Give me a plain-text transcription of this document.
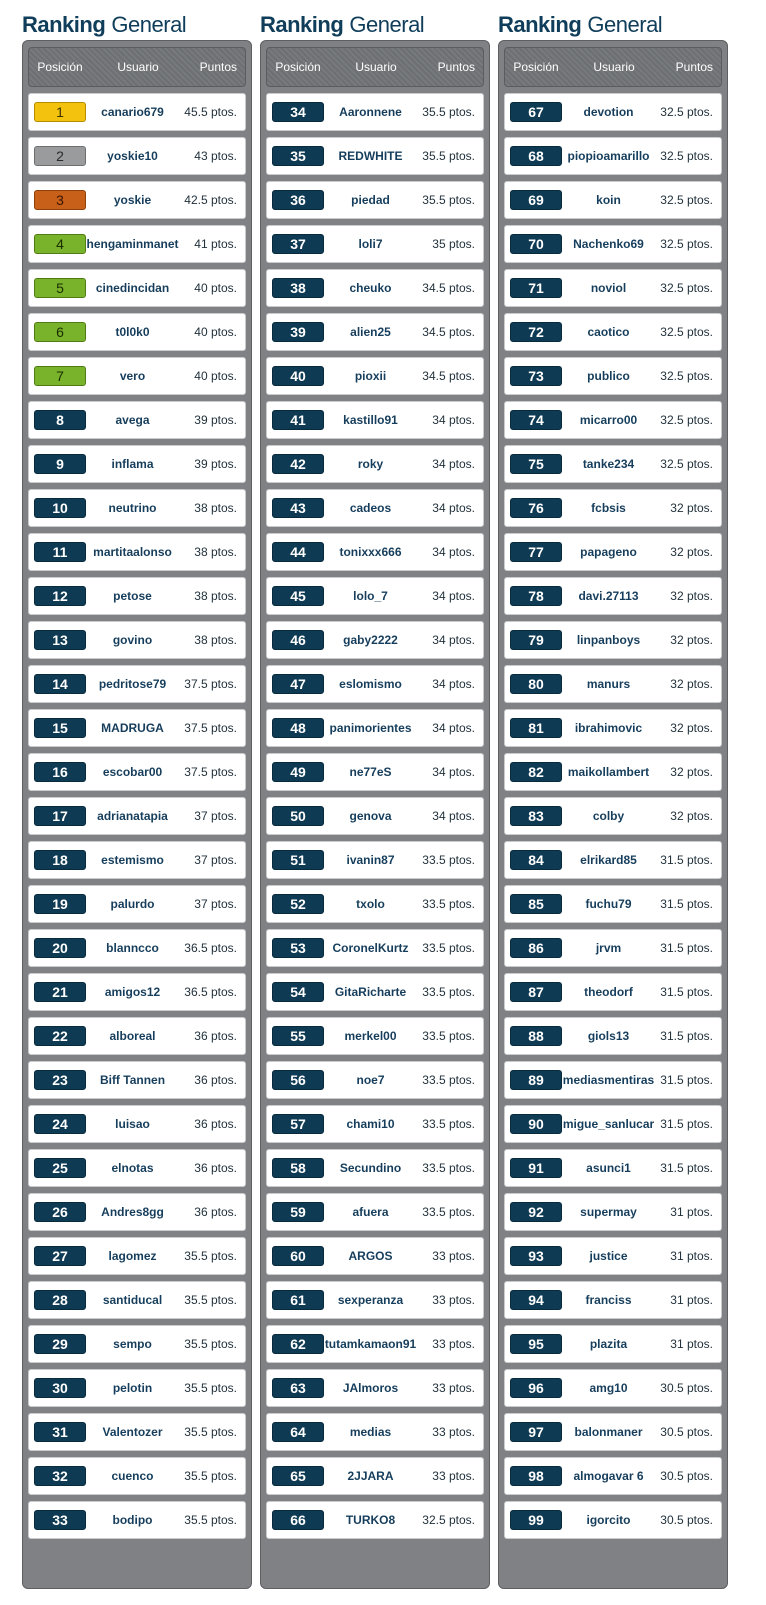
Ranking General
Posición	Usuario	Puntos
1	canario679	45.5 ptos.
2	yoskie10	43 ptos.
3	yoskie	42.5 ptos.
4	hengaminmanet	41 ptos.
5	cinedincidan	40 ptos.
6	t0l0k0	40 ptos.
7	vero	40 ptos.
8	avega	39 ptos.
9	inflama	39 ptos.
10	neutrino	38 ptos.
11	martitaalonso	38 ptos.
12	petose	38 ptos.
13	govino	38 ptos.
14	pedritose79	37.5 ptos.
15	MADRUGA	37.5 ptos.
16	escobar00	37.5 ptos.
17	adrianatapia	37 ptos.
18	estemismo	37 ptos.
19	palurdo	37 ptos.
20	blanncco	36.5 ptos.
21	amigos12	36.5 ptos.
22	alboreal	36 ptos.
23	Biff Tannen	36 ptos.
24	luisao	36 ptos.
25	elnotas	36 ptos.
26	Andres8gg	36 ptos.
27	lagomez	35.5 ptos.
28	santiducal	35.5 ptos.
29	sempo	35.5 ptos.
30	pelotin	35.5 ptos.
31	Valentozer	35.5 ptos.
32	cuenco	35.5 ptos.
33	bodipo	35.5 ptos.
Ranking General
Posición	Usuario	Puntos
34	Aaronnene	35.5 ptos.
35	REDWHITE	35.5 ptos.
36	piedad	35.5 ptos.
37	loli7	35 ptos.
38	cheuko	34.5 ptos.
39	alien25	34.5 ptos.
40	pioxii	34.5 ptos.
41	kastillo91	34 ptos.
42	roky	34 ptos.
43	cadeos	34 ptos.
44	tonixxx666	34 ptos.
45	lolo_7	34 ptos.
46	gaby2222	34 ptos.
47	eslomismo	34 ptos.
48	panimorientes	34 ptos.
49	ne77eS	34 ptos.
50	genova	34 ptos.
51	ivanin87	33.5 ptos.
52	txolo	33.5 ptos.
53	CoronelKurtz	33.5 ptos.
54	GitaRicharte	33.5 ptos.
55	merkel00	33.5 ptos.
56	noe7	33.5 ptos.
57	chami10	33.5 ptos.
58	Secundino	33.5 ptos.
59	afuera	33.5 ptos.
60	ARGOS	33 ptos.
61	sexperanza	33 ptos.
62	tutamkamaon91	33 ptos.
63	JAlmoros	33 ptos.
64	medias	33 ptos.
65	2JJARA	33 ptos.
66	TURKO8	32.5 ptos.
Ranking General
Posición	Usuario	Puntos
67	devotion	32.5 ptos.
68	piopioamarillo 32.5 ptos.
69	koin	32.5 ptos.
70	Nachenko69	32.5 ptos.
71	noviol	32.5 ptos.
72	caotico	32.5 ptos.
73	publico	32.5 ptos.
74	micarro00	32.5 ptos.
75	tanke234	32.5 ptos.
76	fcbsis	32 ptos.
77	papageno	32 ptos.
78	davi.27113	32 ptos.
79	linpanboys	32 ptos.
80	manurs	32 ptos.
81	ibrahimovic	32 ptos.
82	maikollambert	32 ptos.
83	colby	32 ptos.
84	elrikard85	31.5 ptos.
85	fuchu79	31.5 ptos.
86	jrvm	31.5 ptos.
87	theodorf	31.5 ptos.
88	giols13	31.5 ptos.
89	mediasmentiras 31.5 ptos.
90	migue_sanlucar 31.5 ptos.
91	asunci1	31.5 ptos.
92	supermay	31 ptos.
93	justice	31 ptos.
94	franciss	31 ptos.
95	plazita	31 ptos.
96	amg10	30.5 ptos.
97	balonmaner	30.5 ptos.
98	almogavar 6	30.5 ptos.
99	igorcito	30.5 ptos.
